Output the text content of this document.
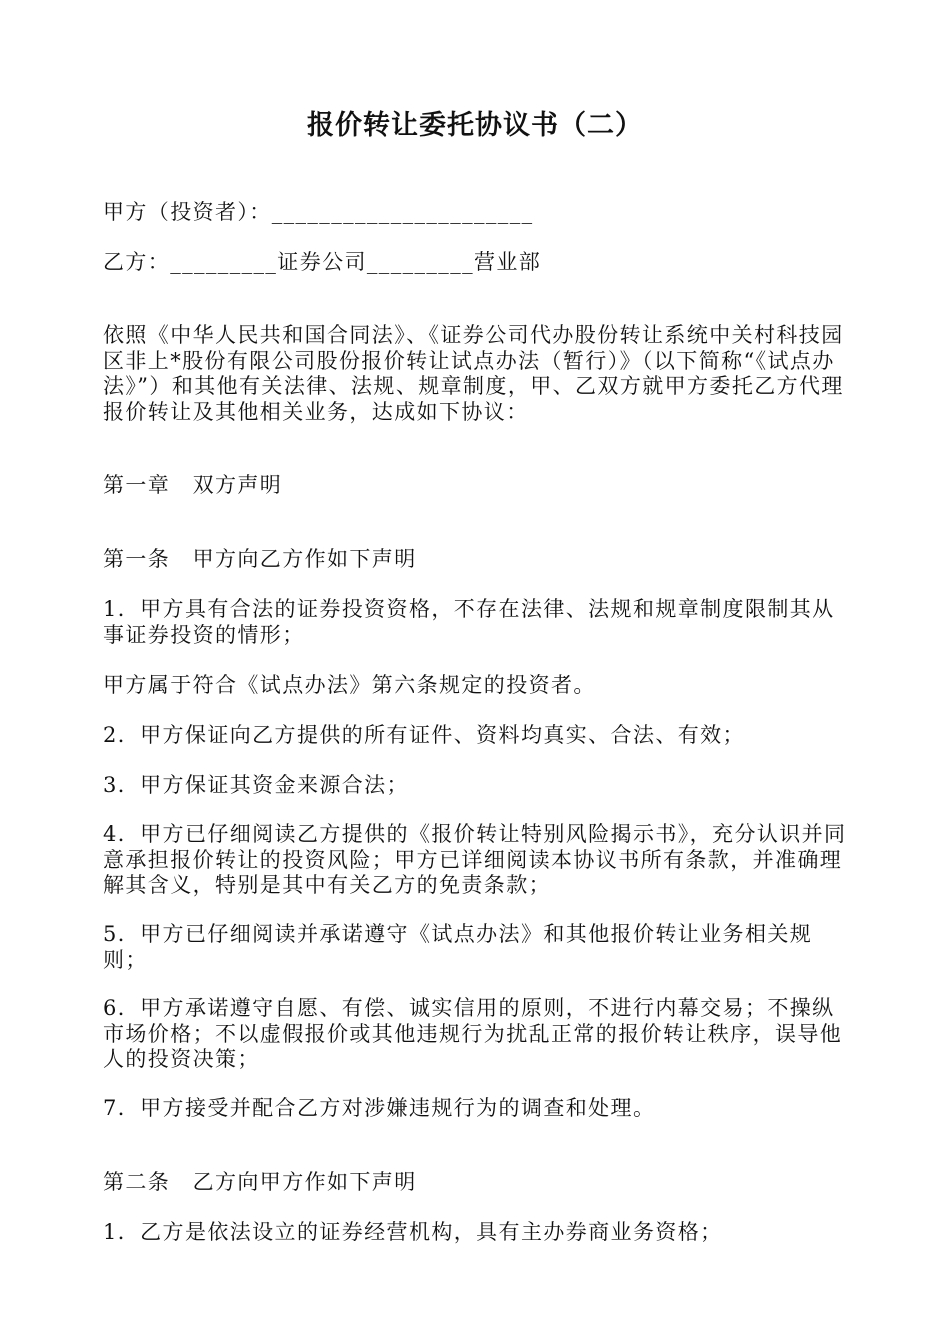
报价转让委托协议书（二）

甲方（投资者）：______________________

乙方：_________证券公司_________营业部

依照《中华人民共和国合同法》、《证券公司代办股份转让系统中关村科技园区非上*股份有限公司股份报价转让试点办法（暂行）》（以下简称“《试点办法》”）和其他有关法律、法规、规章制度，甲、乙双方就甲方委托乙方代理报价转让及其他相关业务，达成如下协议：

第一章　双方声明

第一条　甲方向乙方作如下声明

1．甲方具有合法的证券投资资格，不存在法律、法规和规章制度限制其从事证券投资的情形；

甲方属于符合《试点办法》第六条规定的投资者。

2．甲方保证向乙方提供的所有证件、资料均真实、合法、有效；

3．甲方保证其资金来源合法；

4．甲方已仔细阅读乙方提供的《报价转让特别风险揭示书》，充分认识并同意承担报价转让的投资风险；甲方已详细阅读本协议书所有条款，并准确理解其含义，特别是其中有关乙方的免责条款；

5．甲方已仔细阅读并承诺遵守《试点办法》和其他报价转让业务相关规则；

6．甲方承诺遵守自愿、有偿、诚实信用的原则，不进行内幕交易；不操纵市场价格；不以虚假报价或其他违规行为扰乱正常的报价转让秩序，误导他人的投资决策；

7．甲方接受并配合乙方对涉嫌违规行为的调查和处理。

第二条　乙方向甲方作如下声明

1．乙方是依法设立的证券经营机构，具有主办券商业务资格；
